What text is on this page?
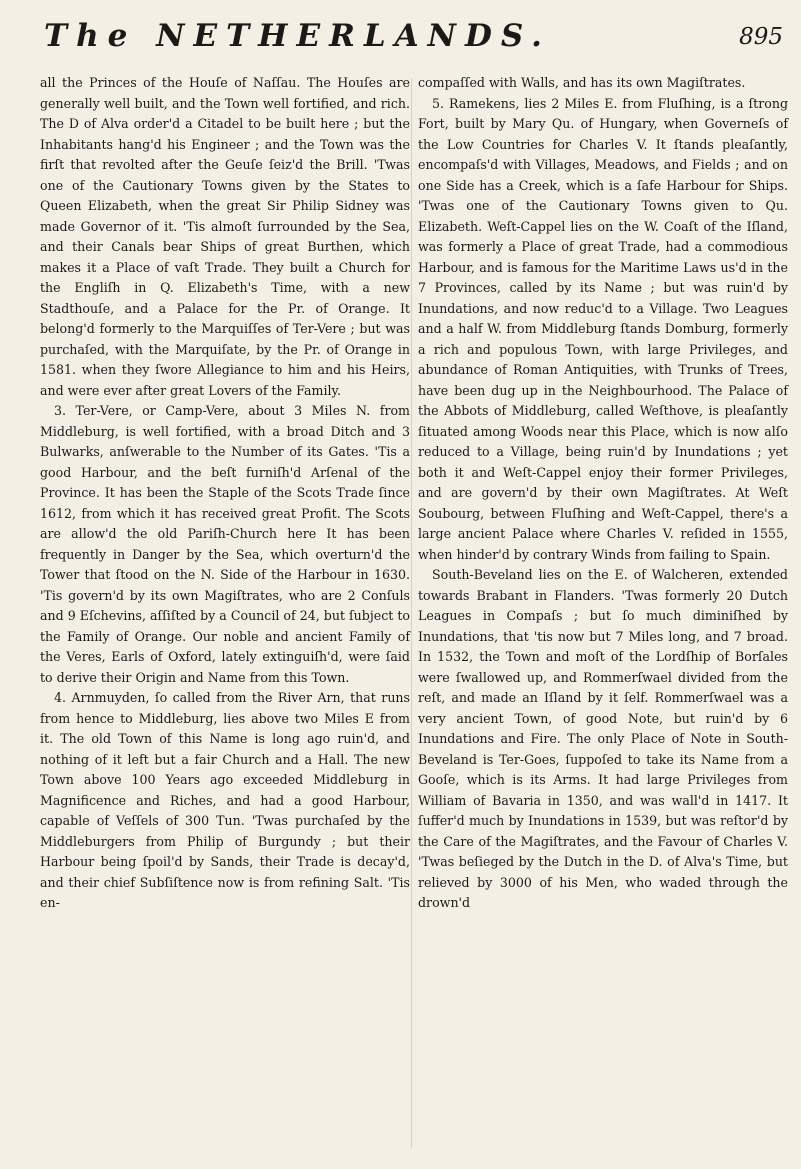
The NETHERLANDS.	895

all the Princes of the Houſe of Naſſau. The Houſes are generally well built, and the Town well fortified, and rich. The D of Alva order'd a Citadel to be built here ; but the Inhabitants hang'd his Engineer ; and the Town was the firſt that revolted after the Geuſe ſeiz'd the Brill. 'Twas one of the Cautionary Towns given by the States to Queen Elizabeth, when the great Sir Philip Sidney was made Governor of it. 'Tis almoſt ſurrounded by the Sea, and their Canals bear Ships of great Burthen, which makes it a Place of vaſt Trade. They built a Church for the Engliſh in Q. Elizabeth's Time, with a new Stadthouſe, and a Palace for the Pr. of Orange. It belong'd formerly to the Marquiſſes of Ter-Vere ; but was purchaſed, with the Marquiſate, by the Pr. of Orange in 1581. when they ſwore Allegiance to him and his Heirs, and were ever after great Lovers of the Family.

3. Ter-Vere, or Camp-Vere, about 3 Miles N. from Middleburg, is well fortified, with a broad Ditch and 3 Bulwarks, anſwerable to the Number of its Gates. 'Tis a good Harbour, and the beſt furniſh'd Arſenal of the Province. It has been the Staple of the Scots Trade ſince 1612, from which it has received great Profit. The Scots are allow'd the old Pariſh-Church here It has been frequently in Danger by the Sea, which overturn'd the Tower that ſtood on the N. Side of the Harbour in 1630. 'Tis govern'd by its own Magiſtrates, who are 2 Conſuls and 9 Eſchevins, aſſiſted by a Council of 24, but ſubject to the Family of Orange. Our noble and ancient Family of the Veres, Earls of Oxford, lately extinguiſh'd, were ſaid to derive their Origin and Name from this Town.

4. Arnmuyden, ſo called from the River Arn, that runs from hence to Middleburg, lies above two Miles E from it. The old Town of this Name is long ago ruin'd, and nothing of it left but a fair Church and a Hall. The new Town above 100 Years ago exceeded Middleburg in Magnificence and Riches, and had a good Harbour, capable of Veſſels of 300 Tun. 'Twas purchaſed by the Middleburgers from Philip of Burgundy ; but their Harbour being ſpoil'd by Sands, their Trade is decay'd, and their chief Subſiſtence now is from refining Salt. 'Tis en-

compaſſed with Walls, and has its own Magiſtrates.

5. Ramekens, lies 2 Miles E. from Fluſhing, is a ſtrong Fort, built by Mary Qu. of Hungary, when Governeſs of the Low Countries for Charles V. It ſtands pleaſantly, encompaſs'd with Villages, Meadows, and Fields ; and on one Side has a Creek, which is a ſafe Harbour for Ships. 'Twas one of the Cautionary Towns given to Qu. Elizabeth. Weſt-Cappel lies on the W. Coaſt of the Iſland, was formerly a Place of great Trade, had a commodious Harbour, and is famous for the Maritime Laws us'd in the 7 Provinces, called by its Name ; but was ruin'd by Inundations, and now reduc'd to a Village. Two Leagues and a half W. from Middleburg ſtands Domburg, formerly a rich and populous Town, with large Privileges, and abundance of Roman Antiquities, with Trunks of Trees, have been dug up in the Neighbourhood. The Palace of the Abbots of Middleburg, called Weſthove, is pleaſantly ſituated among Woods near this Place, which is now alſo reduced to a Village, being ruin'd by Inundations ; yet both it and Weſt-Cappel enjoy their former Privileges, and are govern'd by their own Magiſtrates. At Weſt Soubourg, between Fluſhing and Weſt-Cappel, there's a large ancient Palace where Charles V. reſided in 1555, when hinder'd by contrary Winds from failing to Spain.

South-Beveland lies on the E. of Walcheren, extended towards Brabant in Flanders. 'Twas formerly 20 Dutch Leagues in Compaſs ; but ſo much diminiſhed by Inundations, that 'tis now but 7 Miles long, and 7 broad. In 1532, the Town and moſt of the Lordſhip of Borſales were ſwallowed up, and Rommerſwael divided from the reſt, and made an Iſland by it ſelf. Rommerſwael was a very ancient Town, of good Note, but ruin'd by 6 Inundations and Fire. The only Place of Note in South-Beveland is Ter-Goes, ſuppoſed to take its Name from a Gooſe, which is its Arms. It had large Privileges from William of Bavaria in 1350, and was wall'd in 1417. It ſuffer'd much by Inundations in 1539, but was reſtor'd by the Care of the Magiſtrates, and the Favour of Charles V. 'Twas beſieged by the Dutch in the D. of Alva's Time, but relieved by 3000 of his Men, who waded through the drown'd
